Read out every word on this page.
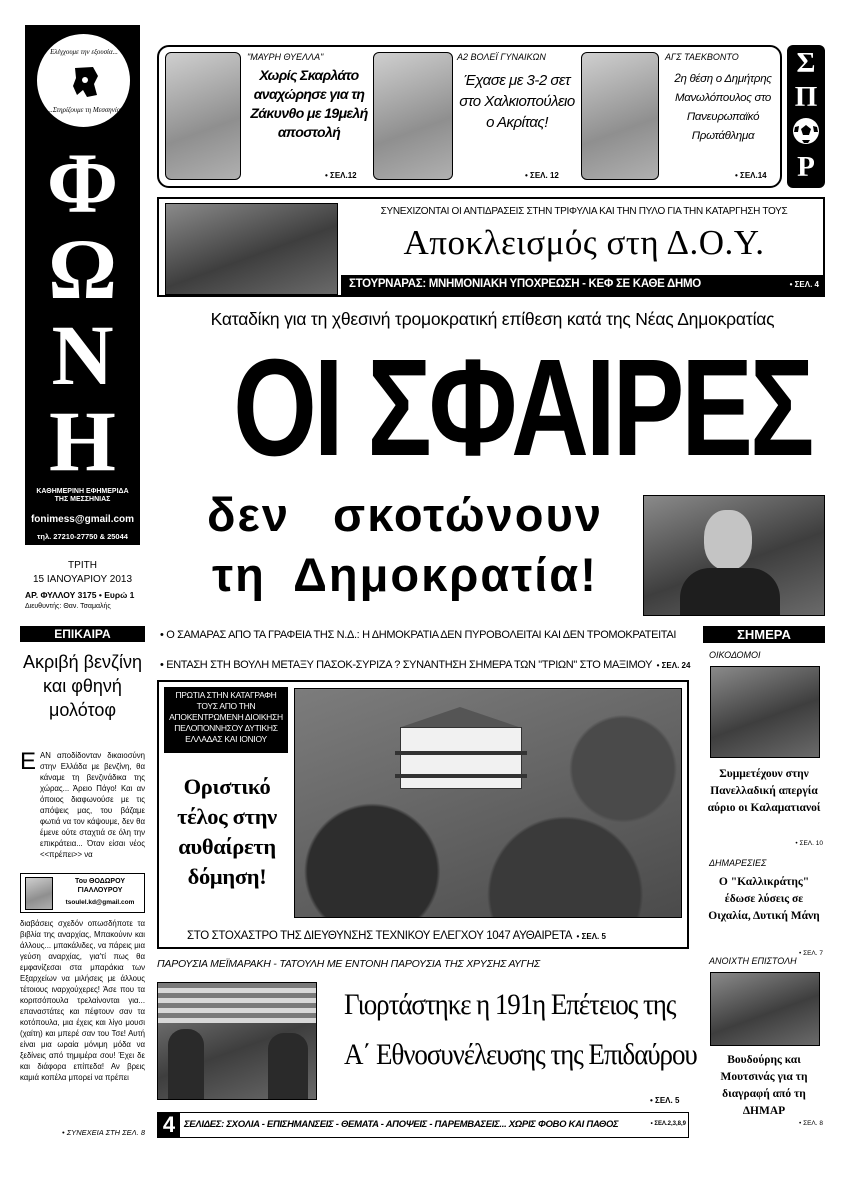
Ελέγχουμε την εξουσία...
...Στηρίζουμε τη Μεσσηνία
Φ
Ω
Ν
Η
ΚΑΘΗΜΕΡΙΝΗ ΕΦΗΜΕΡΙΔΑ ΤΗΣ ΜΕΣΣΗΝΙΑΣ
fonimess@gmail.com
τηλ. 27210-27750 & 25044
ΤΡΙΤΗ
15 ΙΑΝΟΥΑΡΙΟΥ 2013
ΑΡ. ΦΥΛΛΟΥ 3175 • Ευρώ 1
Διευθυντής: Θαν. Τσαμαλής
"ΜΑΥΡΗ ΘΥΕΛΛΑ"
Χωρίς Σκαρλάτο αναχώρησε για τη Ζάκυνθο με 19μελή αποστολή
• ΣΕΛ.12
Α2 ΒΟΛΕΪ ΓΥΝΑΙΚΩΝ
Έχασε με 3-2 σετ στο Χαλκιοπούλειο ο Ακρίτας!
• ΣΕΛ. 12
ΑΓΣ ΤΑΕΚΒΟΝΤΟ
2η θέση ο Δημήτρης Μανωλόπουλος στο Πανευρωπαϊκό Πρωτάθλημα
• ΣΕΛ.14
Σ
Π
Ρ
ΣΥΝΕΧΙΖΟΝΤΑΙ ΟΙ ΑΝΤΙΔΡΑΣΕΙΣ ΣΤΗΝ ΤΡΙΦΥΛΙΑ ΚΑΙ ΤΗΝ ΠΥΛΟ ΓΙΑ ΤΗΝ ΚΑΤΑΡΓΗΣΗ ΤΟΥΣ
Αποκλεισμός στη Δ.Ο.Υ.
ΣΤΟΥΡΝΑΡΑΣ: ΜΝΗΜΟΝΙΑΚΗ ΥΠΟΧΡΕΩΣΗ - ΚΕΦ ΣΕ ΚΑΘΕ ΔΗΜΟ	• ΣΕΛ. 4
Καταδίκη για τη χθεσινή τρομοκρατική επίθεση κατά της Νέας Δημοκρατίας
ΟΙ ΣΦΑΙΡΕΣ
δεν σκοτώνουν
τη Δημοκρατία!
• Ο ΣΑΜΑΡΑΣ ΑΠΟ ΤΑ ΓΡΑΦΕΙΑ ΤΗΣ Ν.Δ.: Η ΔΗΜΟΚΡΑΤΙΑ ΔΕΝ ΠΥΡΟΒΟΛΕΙΤΑΙ ΚΑΙ ΔΕΝ ΤΡΟΜΟΚΡΑΤΕΙΤΑΙ
• ΕΝΤΑΣΗ ΣΤΗ ΒΟΥΛΗ ΜΕΤΑΞΥ ΠΑΣΟΚ-ΣΥΡΙΖΑ ? ΣΥΝΑΝΤΗΣΗ ΣΗΜΕΡΑ ΤΩΝ "ΤΡΙΩΝ" ΣΤΟ ΜΑΞΙΜΟΥ • ΣΕΛ. 24
ΕΠΙΚΑΙΡΑ
Ακριβή βενζίνη και φθηνή μολότοφ
Ε ΑΝ αποδίδονταν δικαιοσύνη στην Ελλάδα με βενζίνη, θα κάναμε τη βενζινάδικα της χώρας... Άρειο Πάγο! Και αν όποιος διαφωνούσε με τις απόψεις μας, του βάζαμε φωτιά να τον κάψουμε, δεν θα έμενε ούτε σταχτιά σε όλη την επικράτεια... Όταν είσαι νέος <<πρέπει>> να
Του ΘΟΔΩΡΟΥ ΓΙΑΛΛΟΥΡΟΥ
tsoulel.kd@gmail.com
διαβάσεις σχεδόν οπωσδήποτε τα βιβλία της αναρχίας, Μπακούνιν και άλλους... μπακάλιδες, να πάρεις μια γεύση αναρχίας, για'τί πως θα εμφανίζεσαι στα μπαράκια των Εξαρχείων να μιλήσεις με άλλους τέτοιους ιναρχούχερες! Άσε που τα κοριτσόπουλα τρελαίνονται για... επαναστάτες και πέφτουν σαν τα κοτόπουλα, μια έχεις και λίγο μουσι (χαίτη) και μπερέ σαν του Τσε! Αυτή είναι μια ωραία μόνιμη μόδα να ξεδίνεις από τημιμέρα σου! Έχει δε και διάφορα επίπεδα! Αν βρεις καμιά κοπέλα μπορεί να πρέπει
• ΣΥΝΕΧΕΙΑ ΣΤΗ ΣΕΛ. 8
ΠΡΩΤΙΑ ΣΤΗΝ ΚΑΤΑΓΡΑΦΗ ΤΟΥΣ ΑΠΟ ΤΗΝ ΑΠΟΚΕΝΤΡΩΜΕΝΗ ΔΙΟΙΚΗΣΗ ΠΕΛΟΠΟΝΝΗΣΟΥ ΔΥΤΙΚΗΣ ΕΛΛΑΔΑΣ ΚΑΙ ΙΟΝΙΟΥ
Οριστικό τέλος στην αυθαίρετη δόμηση!
ΣΤΟ ΣΤΟΧΑΣΤΡΟ ΤΗΣ ΔΙΕΥΘΥΝΣΗΣ ΤΕΧΝΙΚΟΥ ΕΛΕΓΧΟΥ 1047 ΑΥΘΑΙΡΕΤΑ • ΣΕΛ. 5
ΠΑΡΟΥΣΙΑ ΜΕΪΜΑΡΑΚΗ - ΤΑΤΟΥΛΗ ΜΕ ΕΝΤΟΝΗ ΠΑΡΟΥΣΙΑ ΤΗΣ ΧΡΥΣΗΣ ΑΥΓΗΣ
Γιορτάστηκε η 191η Επέτειος της
Α΄ Εθνοσυνέλευσης της Επιδαύρου
• ΣΕΛ. 5
4 ΣΕΛΙΔΕΣ: ΣΧΟΛΙΑ - ΕΠΙΣΗΜΑΝΣΕΙΣ - ΘΕΜΑΤΑ - ΑΠΟΨΕΙΣ - ΠΑΡΕΜΒΑΣΕΙΣ... ΧΩΡΙΣ ΦΟΒΟ ΚΑΙ ΠΑΘΟΣ	• ΣΕΛ.2,3,8,9
ΣΗΜΕΡΑ
ΟΙΚΟΔΟΜΟΙ
Συμμετέχουν στην Πανελλαδική απεργία αύριο οι Καλαματιανοί
• ΣΕΛ. 10
ΔΗΜΑΡΕΣΙΕΣ
Ο "Καλλικράτης" έδωσε λύσεις σε Οιχαλία, Δυτική Μάνη
• ΣΕΛ. 7
ΑΝΟΙΧΤΗ ΕΠΙΣΤΟΛΗ
Βουδούρης και Μουτσινάς για τη διαγραφή από τη ΔΗΜΑΡ
• ΣΕΛ. 8
